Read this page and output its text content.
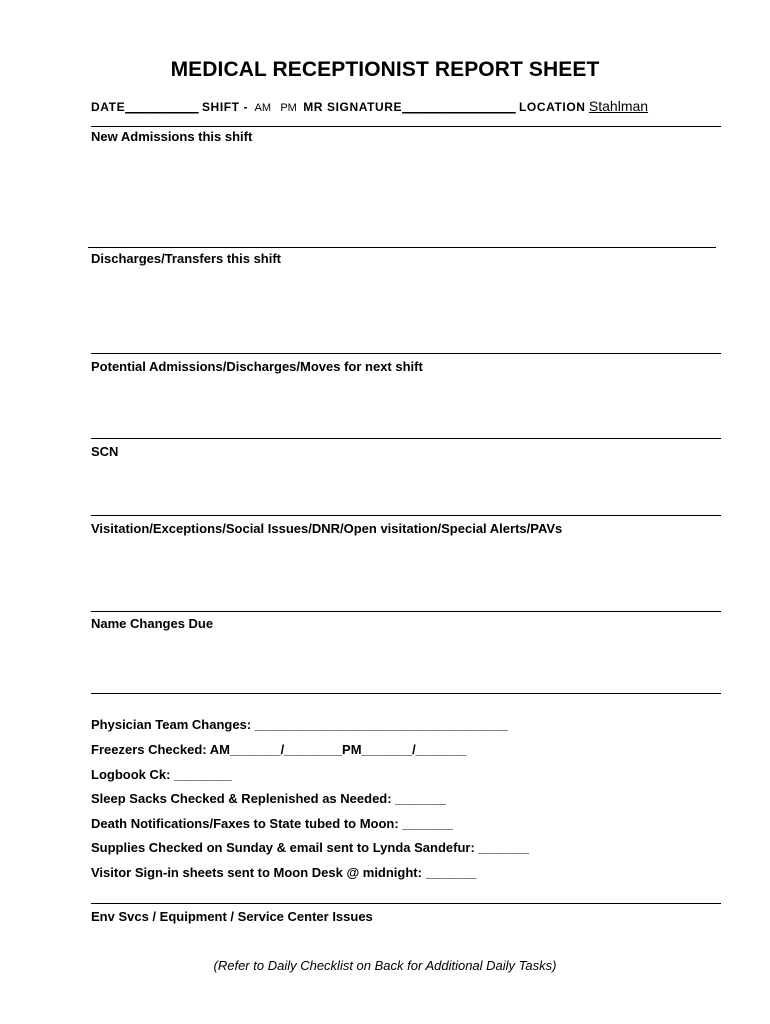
MEDICAL RECEPTIONIST REPORT SHEET
DATE___________ SHIFT - AM PM MR SIGNATURE_________________ LOCATION Stahlman
New Admissions this shift
Discharges/Transfers this shift
Potential Admissions/Discharges/Moves for next shift
SCN
Visitation/Exceptions/Social Issues/DNR/Open visitation/Special Alerts/PAVs
Name Changes Due
Physician Team Changes: ___________________________________
Freezers Checked: AM_______/________PM_______/_______
Logbook Ck: ________
Sleep Sacks Checked & Replenished as Needed: _______
Death Notifications/Faxes to State tubed to Moon: _______
Supplies Checked on Sunday & email sent to Lynda Sandefur: _______
Visitor Sign-in sheets sent to Moon Desk @ midnight: _______
Env Svcs / Equipment / Service Center Issues
(Refer to Daily Checklist on Back for Additional Daily Tasks)
